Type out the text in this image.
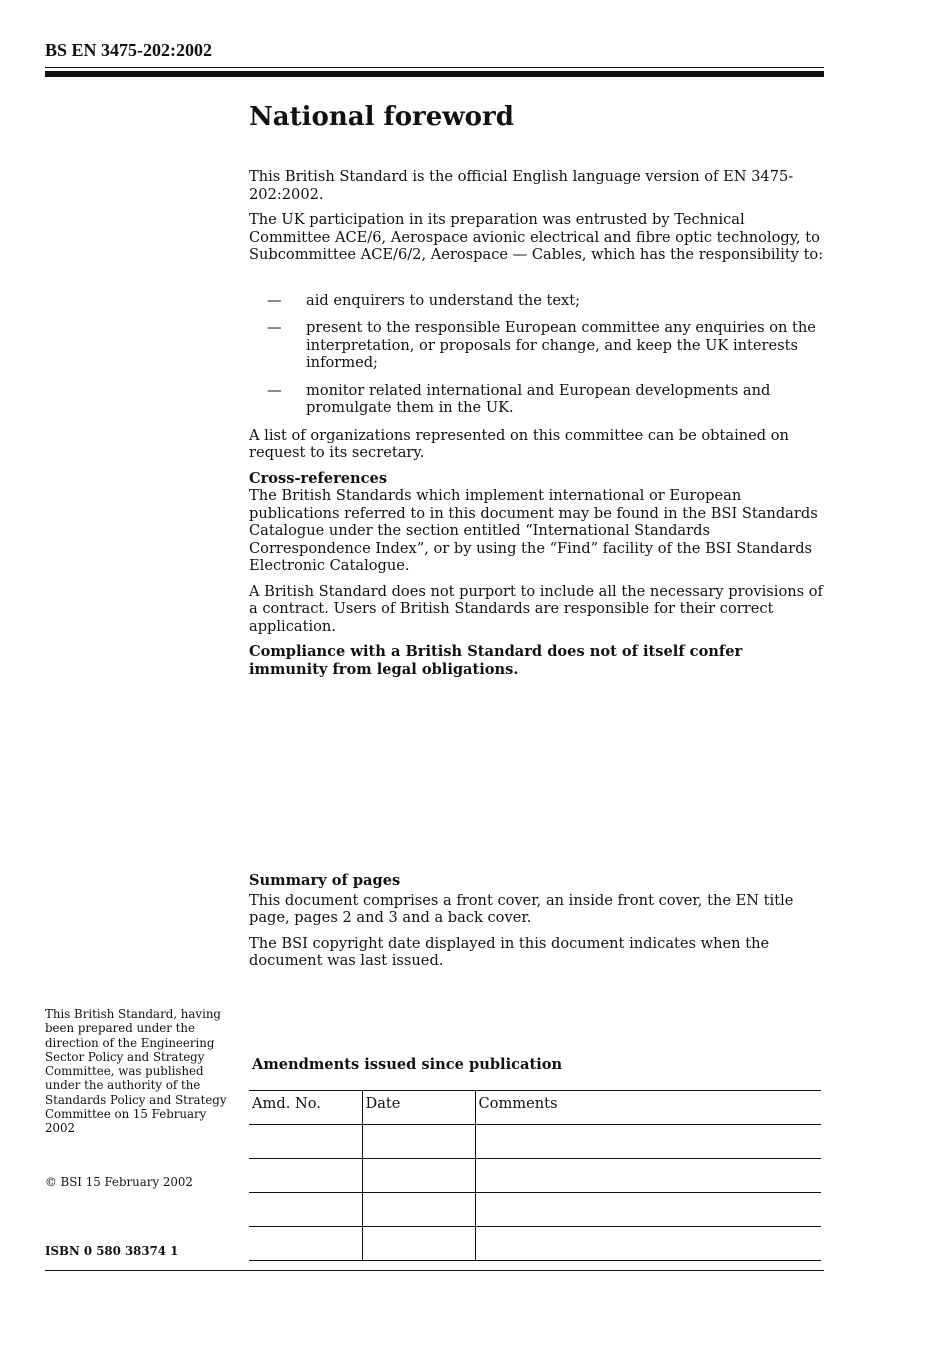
BS EN 3475-202:2002
National foreword

This British Standard is the official English language version of EN 3475-202:2002.

The UK participation in its preparation was entrusted by Technical Committee ACE/6, Aerospace avionic electrical and fibre optic technology, to Subcommittee ACE/6/2, Aerospace — Cables, which has the responsibility to:

— aid enquirers to understand the text;
— present to the responsible European committee any enquiries on the interpretation, or proposals for change, and keep the UK interests informed;
— monitor related international and European developments and promulgate them in the UK.

A list of organizations represented on this committee can be obtained on request to its secretary.

Cross-references

The British Standards which implement international or European publications referred to in this document may be found in the BSI Standards Catalogue under the section entitled “International Standards Correspondence Index”, or by using the “Find” facility of the BSI Standards Electronic Catalogue.

A British Standard does not purport to include all the necessary provisions of a contract. Users of British Standards are responsible for their correct application.

Compliance with a British Standard does not of itself confer immunity from legal obligations.

Summary of pages

This document comprises a front cover, an inside front cover, the EN title page, pages 2 and 3 and a back cover.

The BSI copyright date displayed in this document indicates when the document was last issued.

This British Standard, having been prepared under the direction of the Engineering Sector Policy and Strategy Committee, was published under the authority of the Standards Policy and Strategy Committee on 15 February 2002
© BSI 15 February 2002
ISBN 0 580 38374 1
Amendments issued since publication
Amd. No.	Date	Comments
